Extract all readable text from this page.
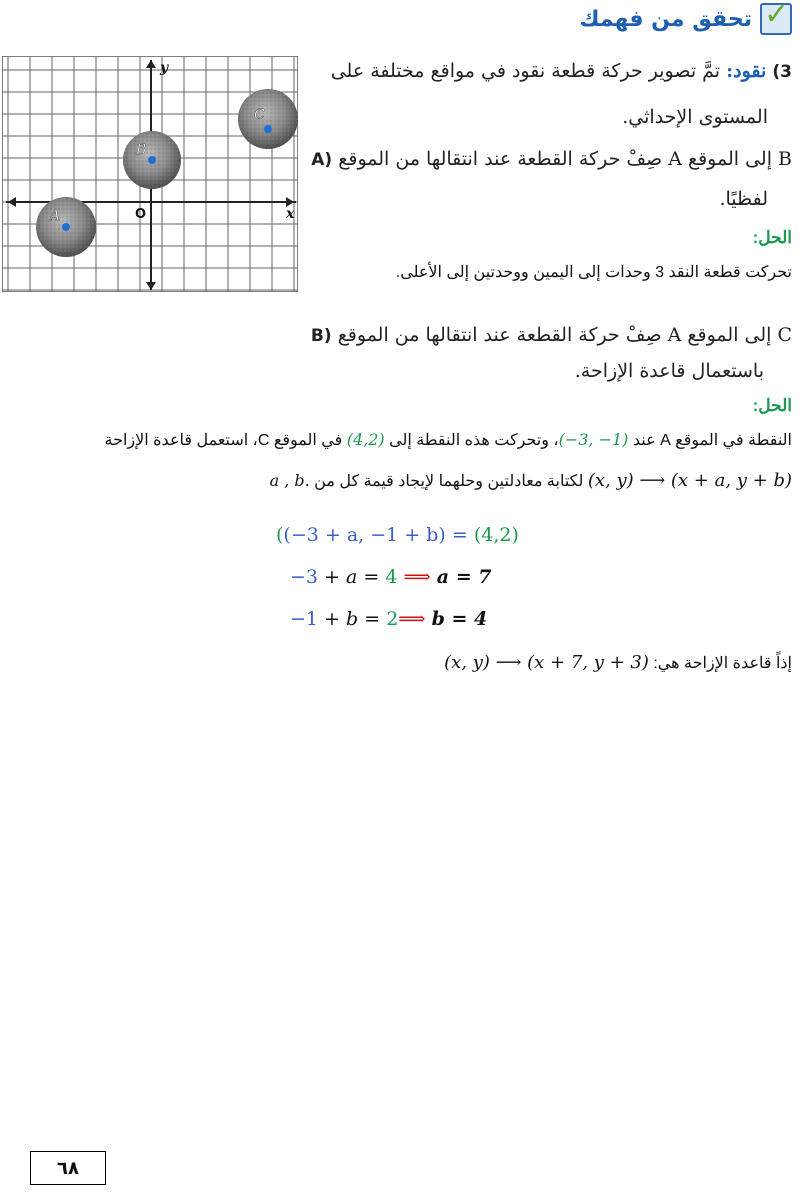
✓
تحقق من فهمك
y
x
O
A
B
C
3) نقود: تمَّ تصوير حركة قطعة نقود في مواقع مختلفة على
المستوى الإحداثي.
A) صِفْ حركة القطعة عند انتقالها من الموقع A إلى الموقع B
لفظيًا.
الحل:
تحركت قطعة النقد 3 وحدات إلى اليمين ووحدتين إلى الأعلى.
B) صِفْ حركة القطعة عند انتقالها من الموقع A إلى الموقع C
باستعمال قاعدة الإزاحة.
الحل:
النقطة في الموقع A عند (−3, −1)، وتحركت هذه النقطة إلى (4,2) في الموقع C، استعمل قاعدة الإزاحة
(x, y) ⟶ (x + a, y + b) لكتابة معادلتين وحلهما لإيجاد قيمة كل من a , b.
((−3 + a, −1 + b) = (4,2)
−3 + a = 4 ⟹ a = 7
−1 + b = 2⟹ b = 4
إذاً قاعدة الإزاحة هي: (x, y) ⟶ (x + 7, y + 3)
٦٨
